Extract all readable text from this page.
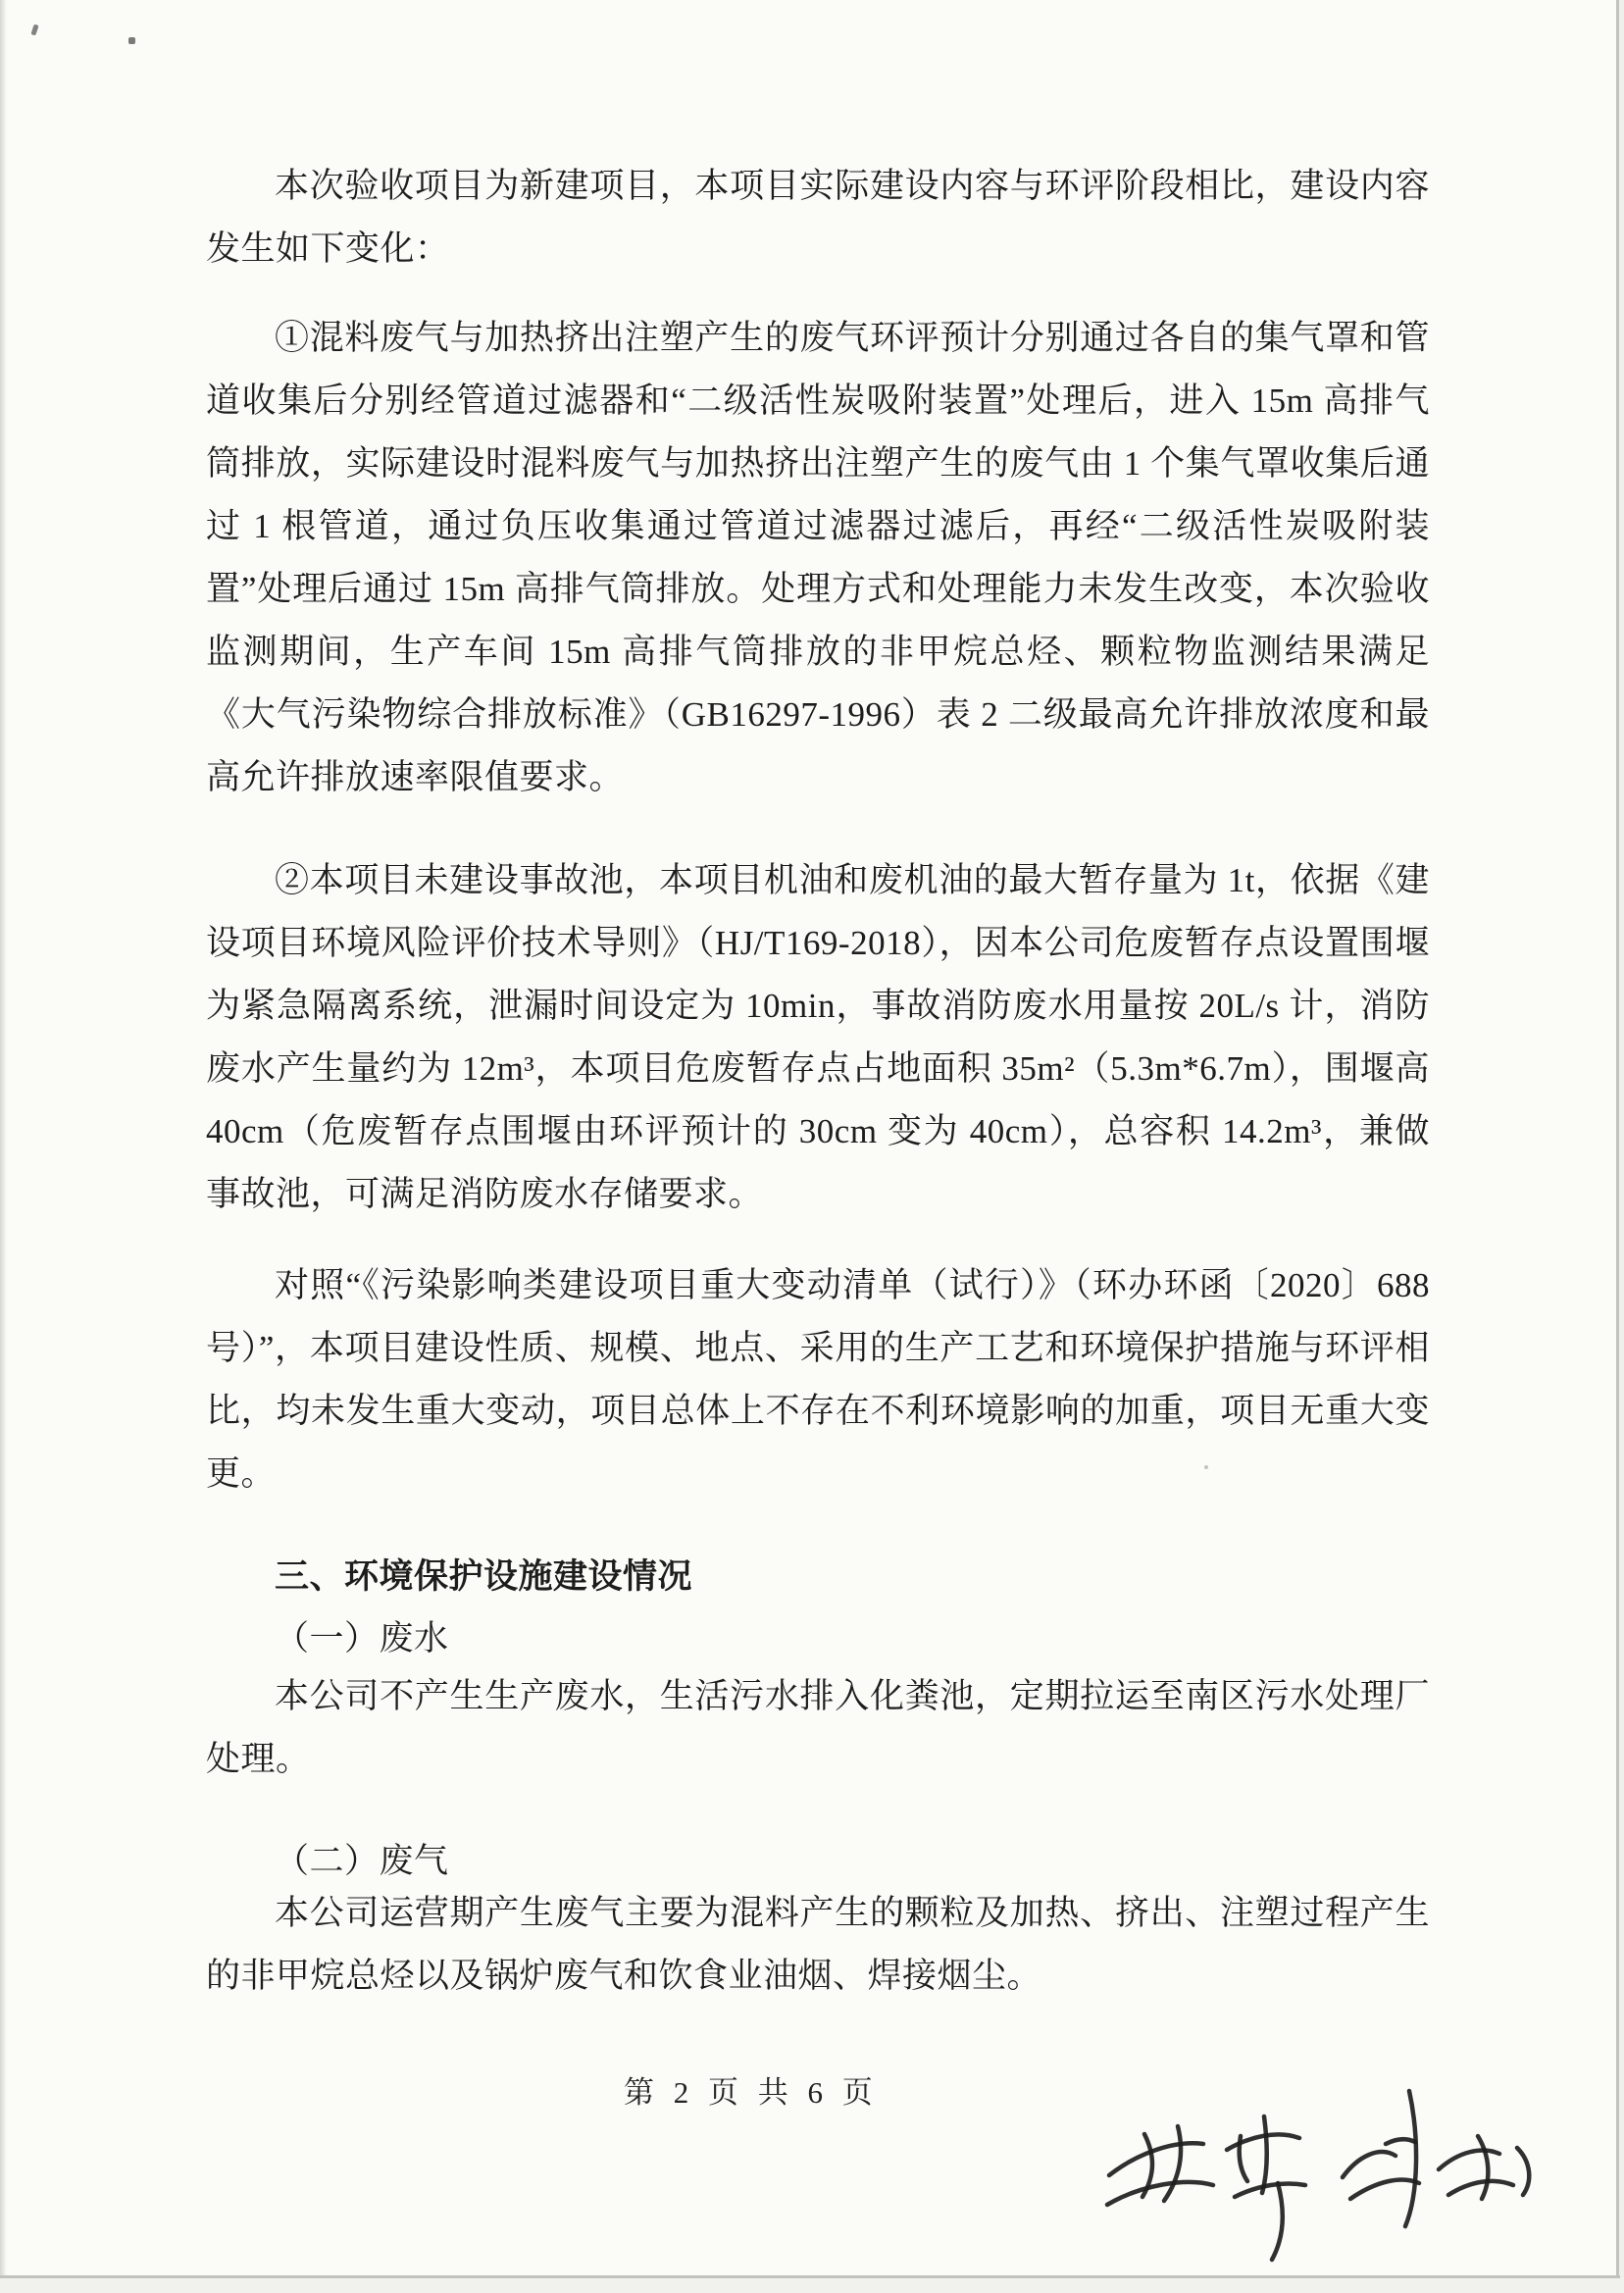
本次验收项目为新建项目，本项目实际建设内容与环评阶段相比，建设内容发生如下变化：

①混料废气与加热挤出注塑产生的废气环评预计分别通过各自的集气罩和管道收集后分别经管道过滤器和“二级活性炭吸附装置”处理后，进入 15m 高排气筒排放，实际建设时混料废气与加热挤出注塑产生的废气由 1 个集气罩收集后通过 1 根管道，通过负压收集通过管道过滤器过滤后，再经“二级活性炭吸附装置”处理后通过 15m 高排气筒排放。处理方式和处理能力未发生改变，本次验收监测期间，生产车间 15m 高排气筒排放的非甲烷总烃、颗粒物监测结果满足《大气污染物综合排放标准》（GB16297-1996）表 2 二级最高允许排放浓度和最高允许排放速率限值要求。

②本项目未建设事故池，本项目机油和废机油的最大暂存量为 1t，依据《建设项目环境风险评价技术导则》（HJ/T169-2018），因本公司危废暂存点设置围堰为紧急隔离系统，泄漏时间设定为 10min，事故消防废水用量按 20L/s 计，消防废水产生量约为 12m³，本项目危废暂存点占地面积 35m²（5.3m*6.7m），围堰高 40cm（危废暂存点围堰由环评预计的 30cm 变为 40cm），总容积 14.2m³，兼做事故池，可满足消防废水存储要求。

对照“《污染影响类建设项目重大变动清单（试行）》（环办环函〔2020〕688 号）”，本项目建设性质、规模、地点、采用的生产工艺和环境保护措施与环评相比，均未发生重大变动，项目总体上不存在不利环境影响的加重，项目无重大变更。

三、环境保护设施建设情况

（一）废水

本公司不产生生产废水，生活污水排入化粪池，定期拉运至南区污水处理厂处理。

（二）废气

本公司运营期产生废气主要为混料产生的颗粒及加热、挤出、注塑过程产生的非甲烷总烃以及锅炉废气和饮食业油烟、焊接烟尘。

第 2 页 共 6 页
